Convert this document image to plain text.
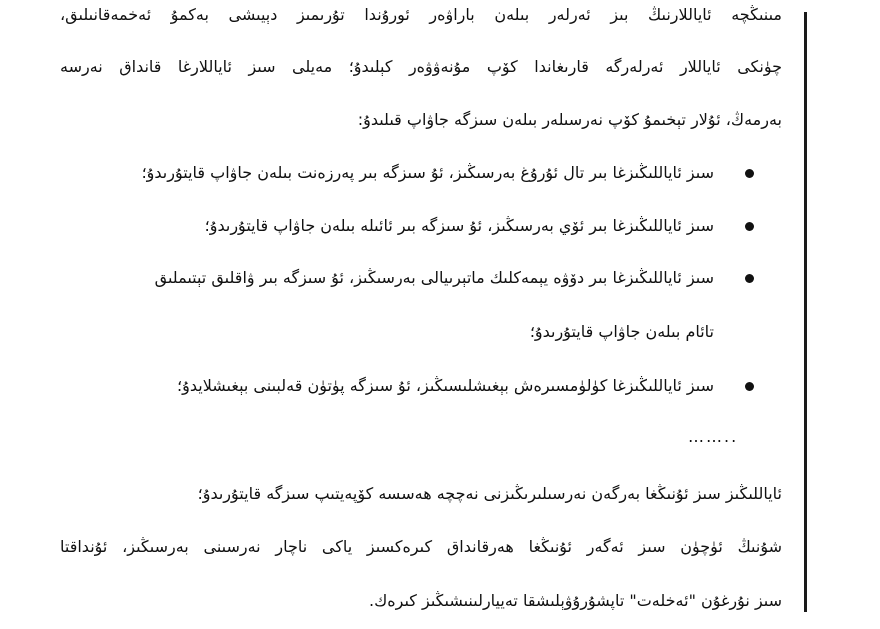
مىنىڭچە ئاياللارنىڭ بىز ئەرلەر بىلەن باراۋەر ئورۇندا تۇرىمىز دېيىشى بەكمۇ ئەخمەقانىلىق،
چۈنكى ئاياللار ئەرلەرگە قارىغاندا كۆپ مۇنەۋۋەر كېلىدۇ؛ مەيلى سىز ئاياللارغا قانداق نەرسە
بەرمەڭ، ئۇلار تېخىمۇ كۆپ نەرسىلەر بىلەن سىزگە جاۋاپ قىلىدۇ:
سىز ئاياللىڭىزغا بىر تال ئۇرۇغ بەرسىڭىز، ئۇ سىزگە بىر پەرزەنت بىلەن جاۋاپ قايتۇرىدۇ؛
سىز ئاياللىڭىزغا بىر ئۆي بەرسىڭىز، ئۇ سىزگە بىر ئائىلە بىلەن جاۋاپ قايتۇرىدۇ؛
سىز ئاياللىڭىزغا بىر دۆۋە يېمەكلىك ماتېرىيالى بەرسىڭىز، ئۇ سىزگە بىر ۋاقلىق تېتىملىق
تائام بىلەن جاۋاپ قايتۇرىدۇ؛
سىز ئاياللىڭىزغا كۈلۈمسىرەش بېغىشلىسىڭىز، ئۇ سىزگە پۈتۈن قەلبىنى بېغىشلايدۇ؛
……..
ئاياللىڭىز سىز ئۇنىڭغا بەرگەن نەرسىلىرىڭىزنى نەچچە ھەسسە كۆپەيتىپ سىزگە قايتۇرىدۇ؛
شۇنىڭ ئۈچۈن سىز ئەگەر ئۇنىڭغا ھەرقانداق كىرەكسىز ياكى ناچار نەرسىنى بەرسىڭىز، ئۇنداقتا
سىز نۇرغۇن "ئەخلەت" تاپشۇرۇۋېلىشقا تەييارلىنىشىڭىز كىرەك.
